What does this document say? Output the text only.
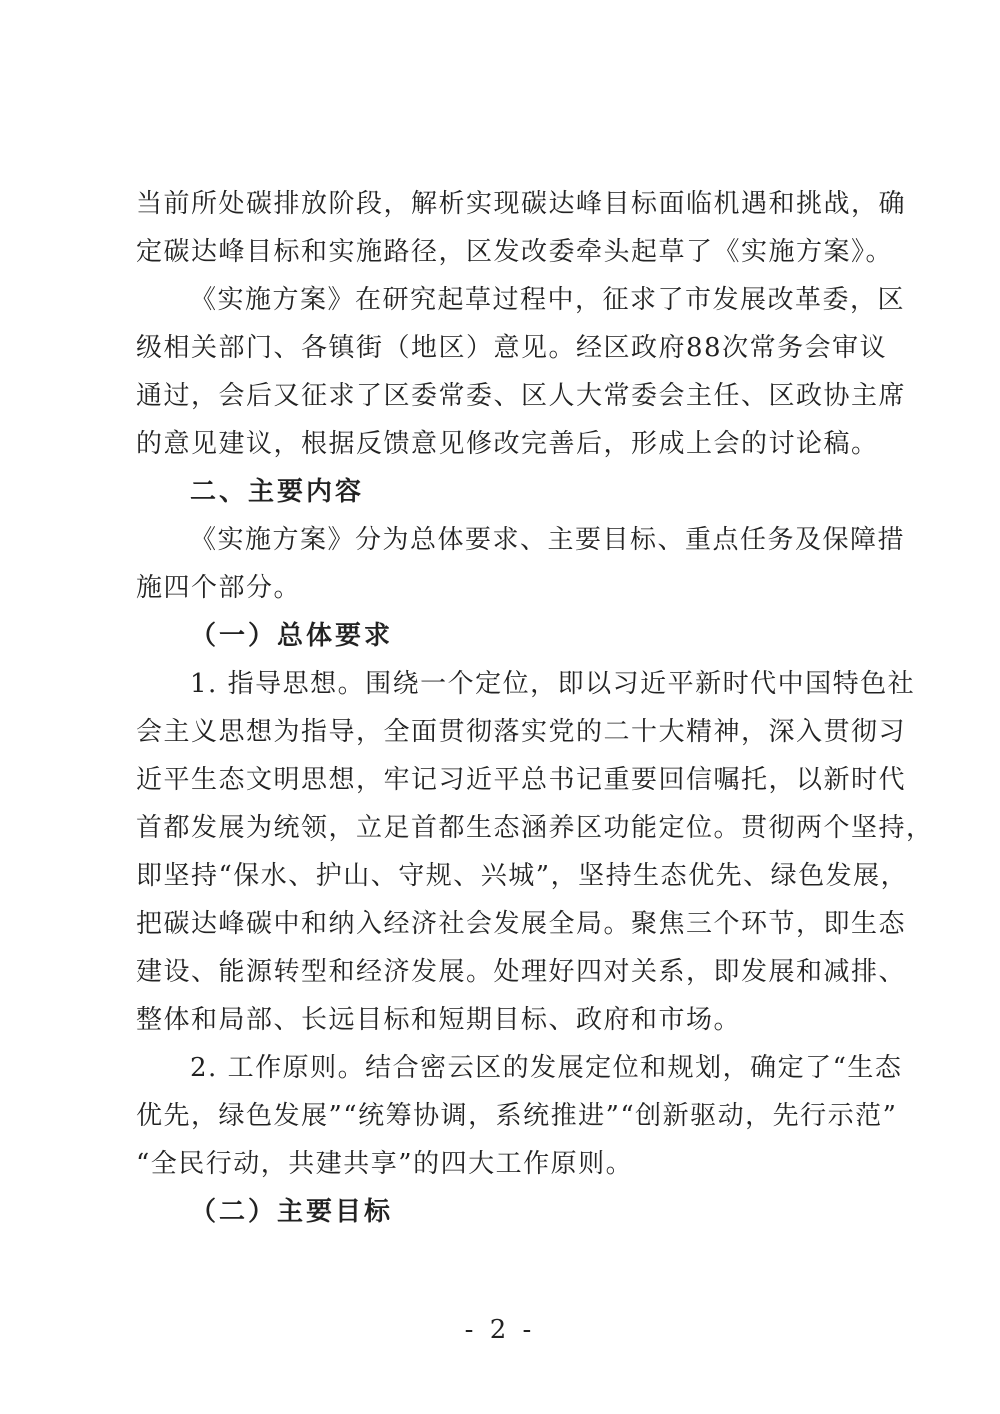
当前所处碳排放阶段，解析实现碳达峰目标面临机遇和挑战，确
定碳达峰目标和实施路径，区发改委牵头起草了《实施方案》。
《实施方案》在研究起草过程中，征求了市发展改革委，区
级相关部门、各镇街（地区）意见。经区政府88次常务会审议
通过，会后又征求了区委常委、区人大常委会主任、区政协主席
的意见建议，根据反馈意见修改完善后，形成上会的讨论稿。
二、主要内容
《实施方案》分为总体要求、主要目标、重点任务及保障措
施四个部分。
（一）总体要求
1. 指导思想。围绕一个定位，即以习近平新时代中国特色社
会主义思想为指导，全面贯彻落实党的二十大精神，深入贯彻习
近平生态文明思想，牢记习近平总书记重要回信嘱托，以新时代
首都发展为统领，立足首都生态涵养区功能定位。贯彻两个坚持，
即坚持“保水、护山、守规、兴城”，坚持生态优先、绿色发展，
把碳达峰碳中和纳入经济社会发展全局。聚焦三个环节，即生态
建设、能源转型和经济发展。处理好四对关系，即发展和减排、
整体和局部、长远目标和短期目标、政府和市场。
2. 工作原则。结合密云区的发展定位和规划，确定了“生态
优先，绿色发展”“统筹协调，系统推进”“创新驱动，先行示范”
“全民行动，共建共享”的四大工作原则。
（二）主要目标
- 2 -
